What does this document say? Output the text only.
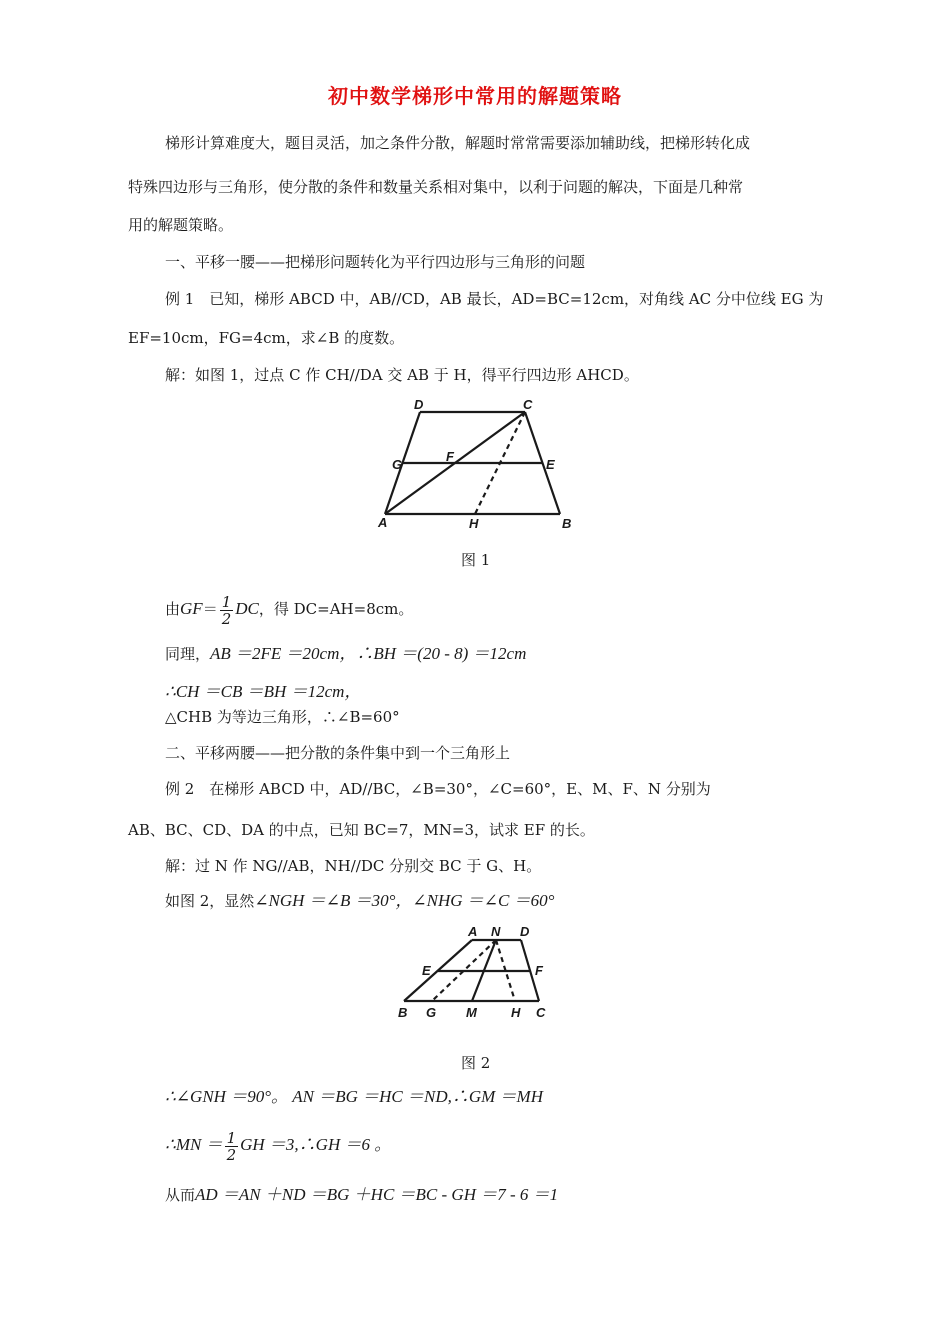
初中数学梯形中常用的解题策略
梯形计算难度大，题目灵活，加之条件分散，解题时常常需要添加辅助线，把梯形转化成
特殊四边形与三角形，使分散的条件和数量关系相对集中，以利于问题的解决，下面是几种常
用的解题策略。
一、平移一腰——把梯形问题转化为平行四边形与三角形的问题
例 1　已知，梯形 ABCD 中，AB//CD，AB 最长，AD=BC=12cm，对角线 AC 分中位线 EG 为
EF=10cm，FG=4cm，求∠B 的度数。
解：如图 1，过点 C 作 CH//DA 交 AB 于 H，得平行四边形 AHCD。
D	C
G
F
E
A	H	B
图 1
由$GF= \frac{1}{2}$ DC，得 DC=AH=8cm。
同理，AB ＝2FE ＝20cm，∴BH ＝(20 - 8) ＝12cm
∴CH ＝CB ＝BH ＝12cm，
△CHB 为等边三角形，∴∠B=60°
二、平移两腰——把分散的条件集中到一个三角形上
例 2　在梯形 ABCD 中，AD//BC，∠B=30°，∠C=60°，E、M、F、N 分别为
AB、BC、CD、DA 的中点，已知 BC=7，MN=3，试求 EF 的长。
解：过 N 作 NG//AB，NH//DC 分别交 BC 于 G、H。
如图 2，显然∠NGH ＝∠B ＝30°，∠NHG ＝∠C ＝60°
A N D
E	F
B G M	H C
图 2
∴∠GNH ＝90°。 AN ＝BG ＝HC ＝ND,∴GM ＝MH
∴MN ＝ $\frac{1}{2}$ GH ＝3,∴GH ＝6 。
从而AD ＝AN ＋ND ＝BG ＋HC ＝BC - GH ＝7 - 6 ＝1
